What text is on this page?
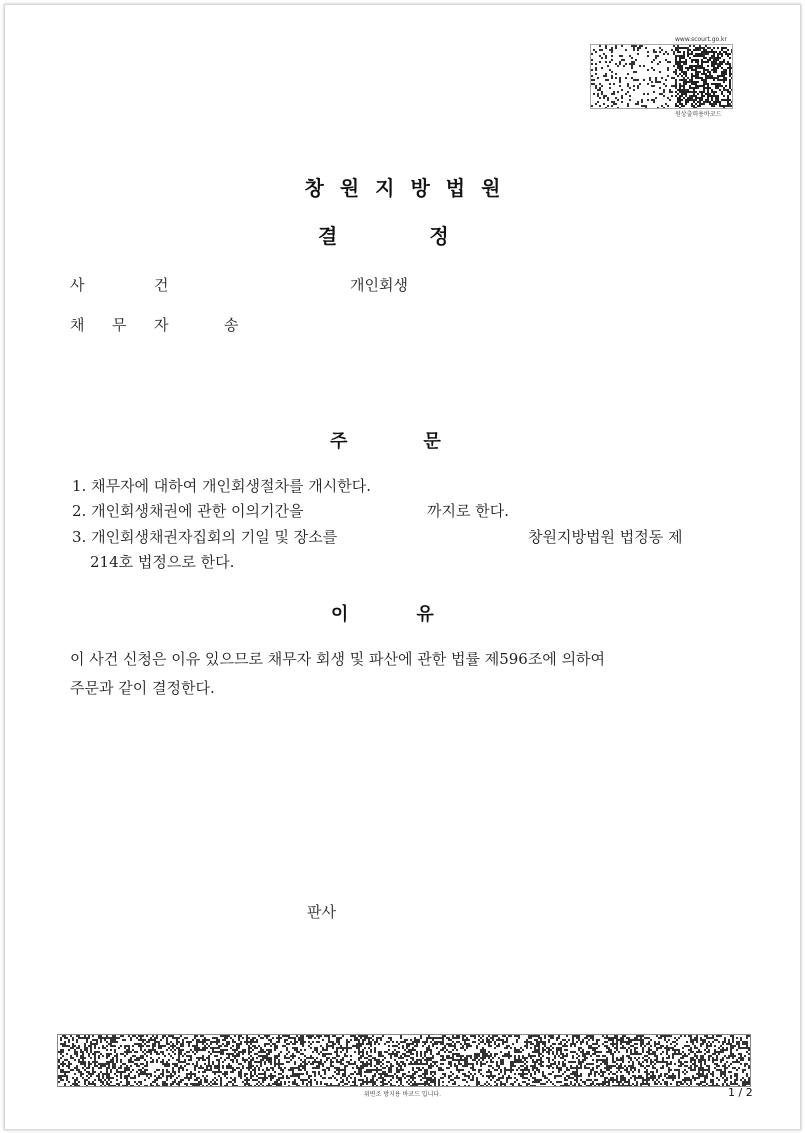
www.scourt.go.kr
원상출력용바코드
창원지방법원
결	정
사	건	개인회생
채 무 자	송
주	문
1. 채무자에 대하여 개인회생절차를 개시한다.
2. 개인회생채권에 관한 이의기간을	까지로 한다.
3. 개인회생채권자집회의 기일 및 장소를	창원지방법원 법정동 제
214호 법정으로 한다.
이	유
이 사건 신청은 이유 있으므로 채무자 회생 및 파산에 관한 법률 제596조에 의하여
주문과 같이 결정한다.
판사
위변조 방지용 바코드 입니다.	1 / 2
